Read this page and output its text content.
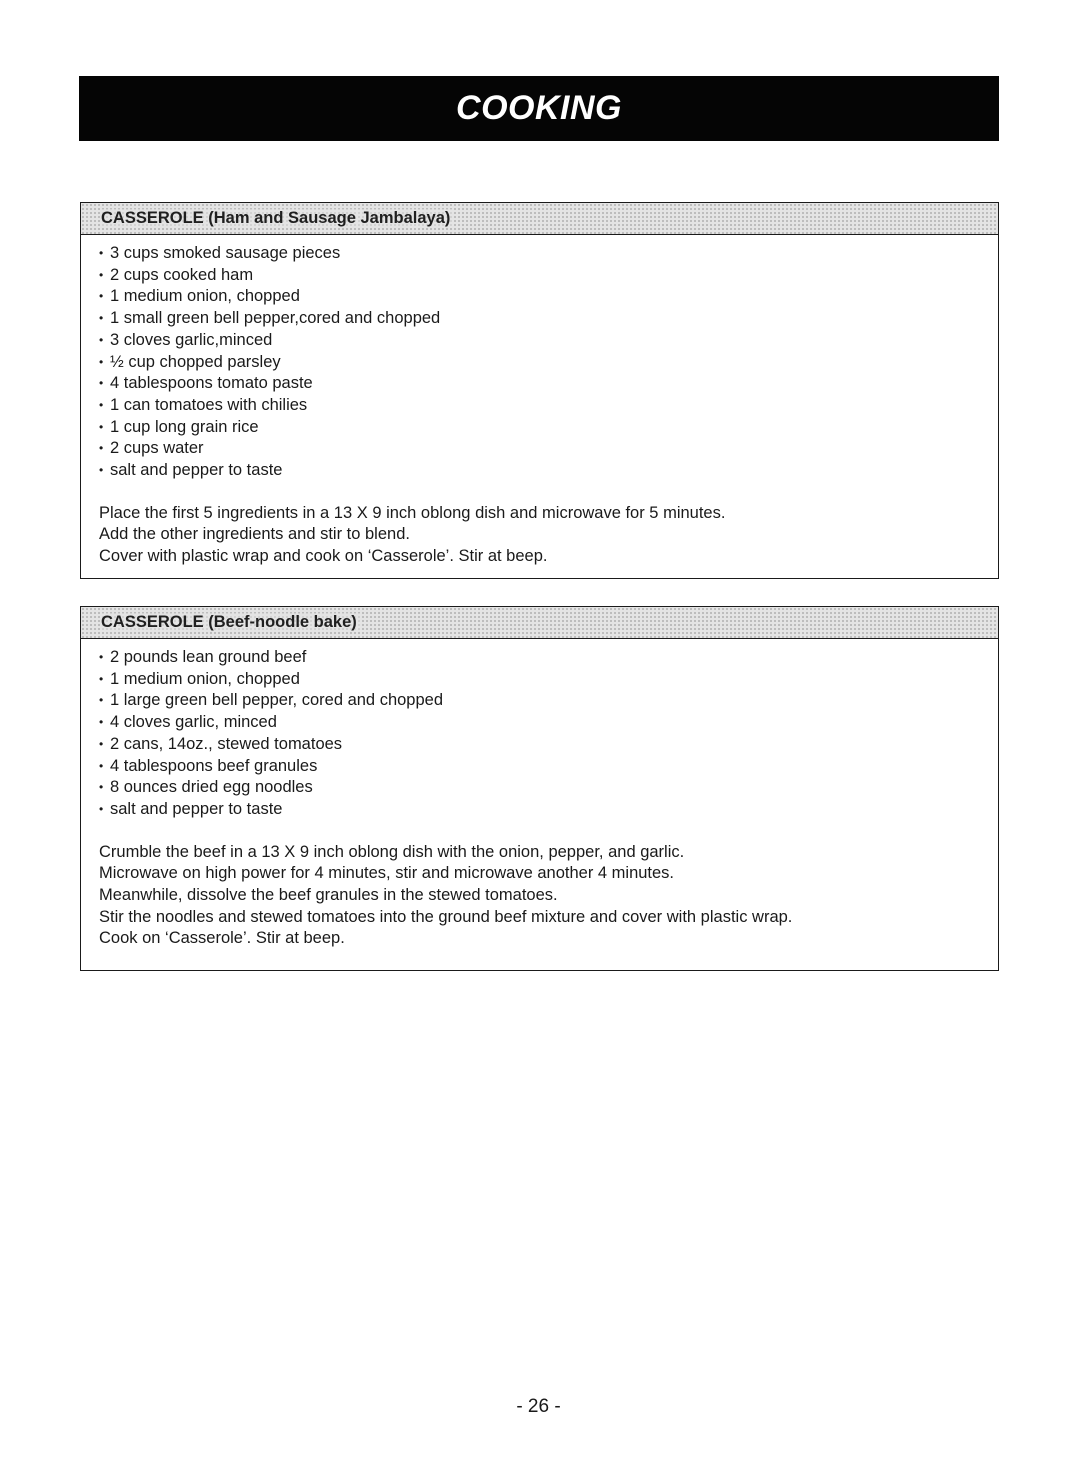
COOKING
CASSEROLE (Ham and Sausage Jambalaya)
• 3 cups smoked sausage pieces
• 2 cups cooked ham
• 1 medium onion, chopped
• 1 small green bell pepper,cored and chopped
• 3 cloves garlic,minced
• ½ cup chopped parsley
• 4 tablespoons tomato paste
• 1 can tomatoes with chilies
• 1 cup long grain rice
• 2 cups water
• salt and pepper to taste

Place the first 5 ingredients in a 13 X 9 inch oblong dish and microwave for 5 minutes.

Add the other ingredients and stir to blend.

Cover with plastic wrap and cook on ‘Casserole’. Stir at beep.

CASSEROLE (Beef-noodle bake)
• 2 pounds lean ground beef
• 1 medium onion, chopped
• 1 large green bell pepper, cored and chopped
• 4 cloves garlic, minced
• 2 cans, 14oz., stewed tomatoes
• 4 tablespoons beef granules
• 8 ounces dried egg noodles
• salt and pepper to taste

Crumble the beef in a 13 X 9 inch oblong dish with the onion, pepper, and garlic.

Microwave on high power for 4 minutes, stir and microwave another 4 minutes.

Meanwhile, dissolve the beef granules in the stewed tomatoes.

Stir the noodles and stewed tomatoes into the ground beef mixture and cover with plastic wrap.

Cook on ‘Casserole’. Stir at beep.

- 26 -
